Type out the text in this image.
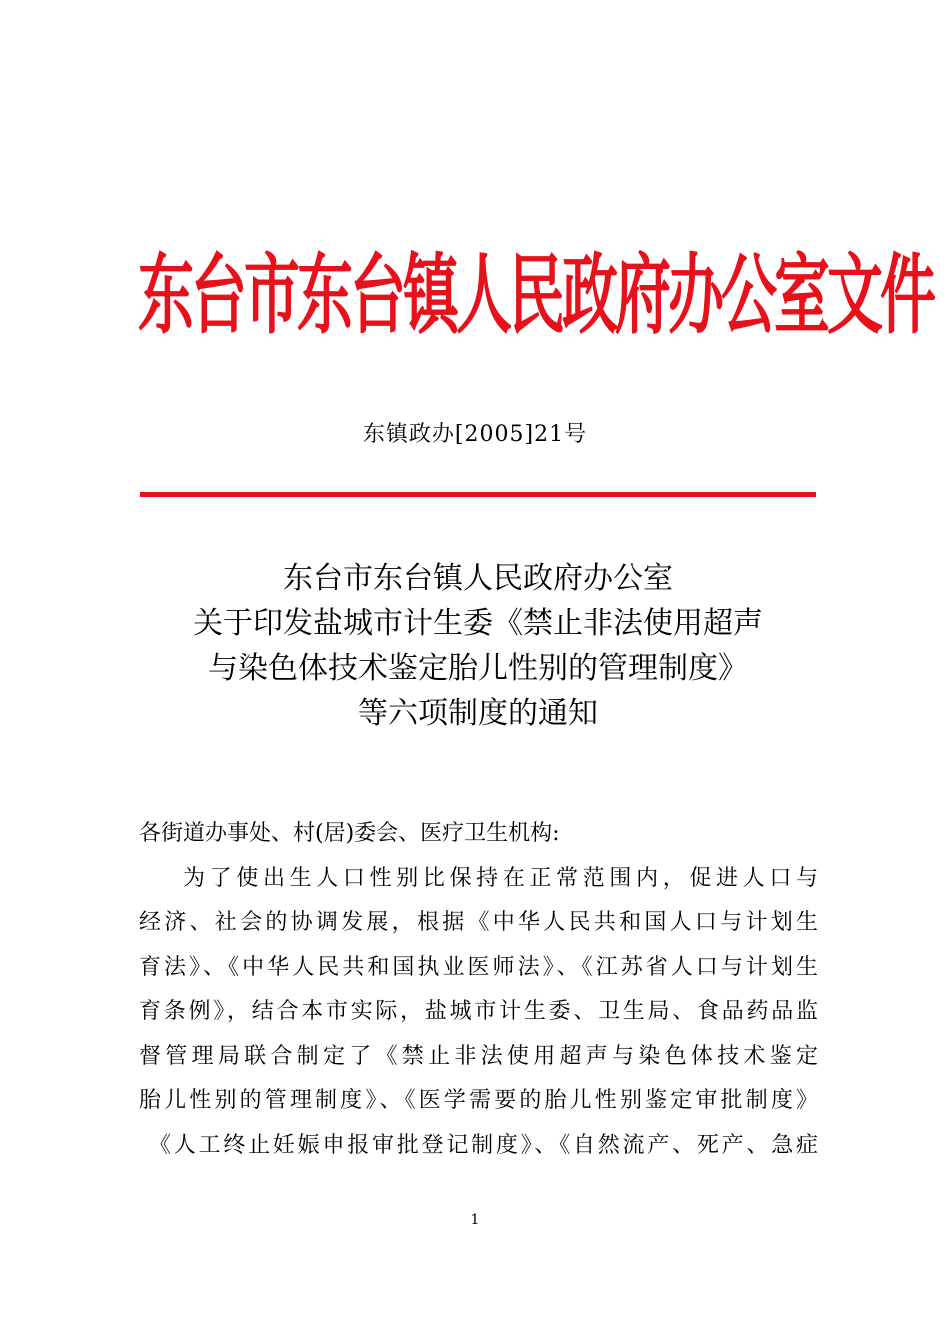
东台市东台镇人民政府办公室文件
东镇政办[2005]21号
东台市东台镇人民政府办公室
关于印发盐城市计生委《禁止非法使用超声
与染色体技术鉴定胎儿性别的管理制度》
等六项制度的通知
各街道办事处、村(居)委会、医疗卫生机构:
为了使出生人口性别比保持在正常范围内，促进人口与
经济、社会的协调发展，根据《中华人民共和国人口与计划生
育法》、《中华人民共和国执业医师法》、《江苏省人口与计划生
育条例》，结合本市实际，盐城市计生委、卫生局、食品药品监
督管理局联合制定了《禁止非法使用超声与染色体技术鉴定
胎儿性别的管理制度》、《医学需要的胎儿性别鉴定审批制度》
《人工终止妊娠申报审批登记制度》、《自然流产、死产、急症
1
